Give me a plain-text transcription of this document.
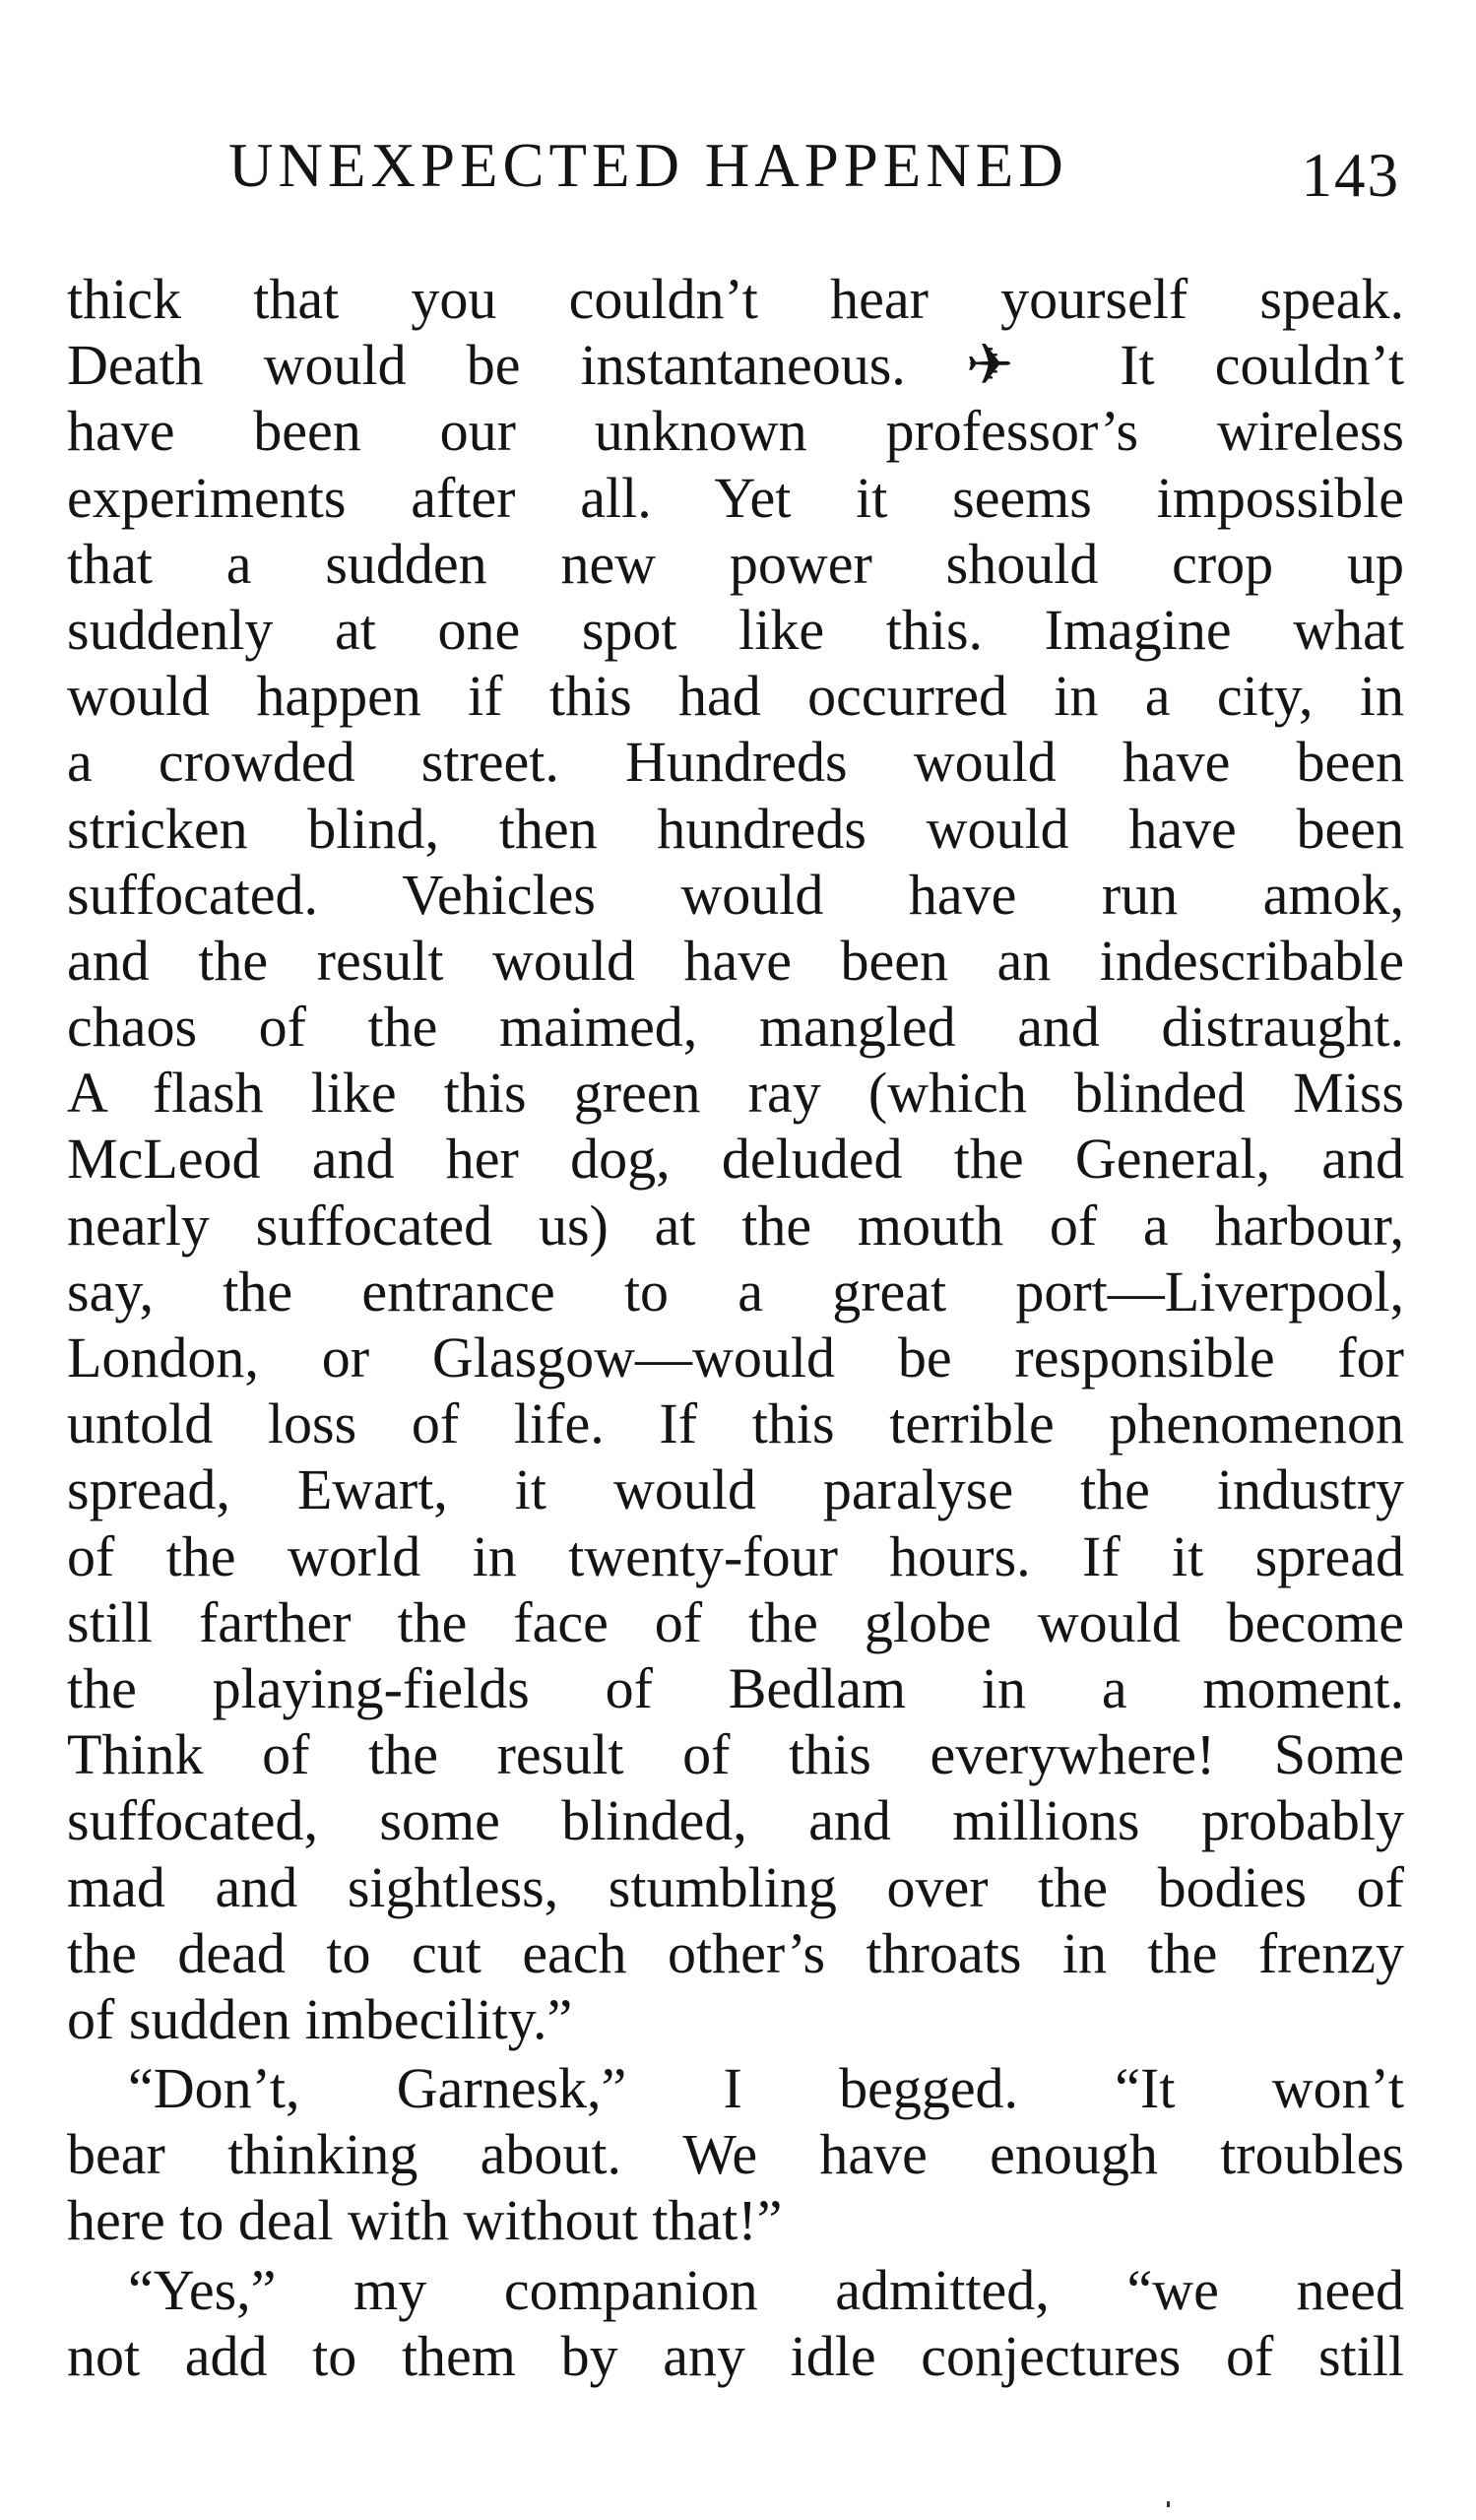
UNEXPECTED HAPPENED	143
thick that you couldn’t hear yourself speak.
Death would be instantaneous. ✈ It couldn’t
have been our unknown professor’s wireless
experiments after all. Yet it seems impossible
that a sudden new power should crop up
suddenly at one spot like this. Imagine what
would happen if this had occurred in a city, in
a crowded street. Hundreds would have been
stricken blind, then hundreds would have been
suffocated. Vehicles would have run amok,
and the result would have been an indescribable
chaos of the maimed, mangled and distraught.
A flash like this green ray (which blinded Miss
McLeod and her dog, deluded the General, and
nearly suffocated us) at the mouth of a harbour,
say, the entrance to a great port—Liverpool,
London, or Glasgow—would be responsible for
untold loss of life. If this terrible phenomenon
spread, Ewart, it would paralyse the industry
of the world in twenty-four hours. If it spread
still farther the face of the globe would become
the playing-fields of Bedlam in a moment.
Think of the result of this everywhere! Some
suffocated, some blinded, and millions probably
mad and sightless, stumbling over the bodies of
the dead to cut each other’s throats in the frenzy
of sudden imbecility.”
“Don’t, Garnesk,” I begged. “It won’t
bear thinking about. We have enough troubles
here to deal with without that!”
“Yes,” my companion admitted, “we need
not add to them by any idle conjectures of still
